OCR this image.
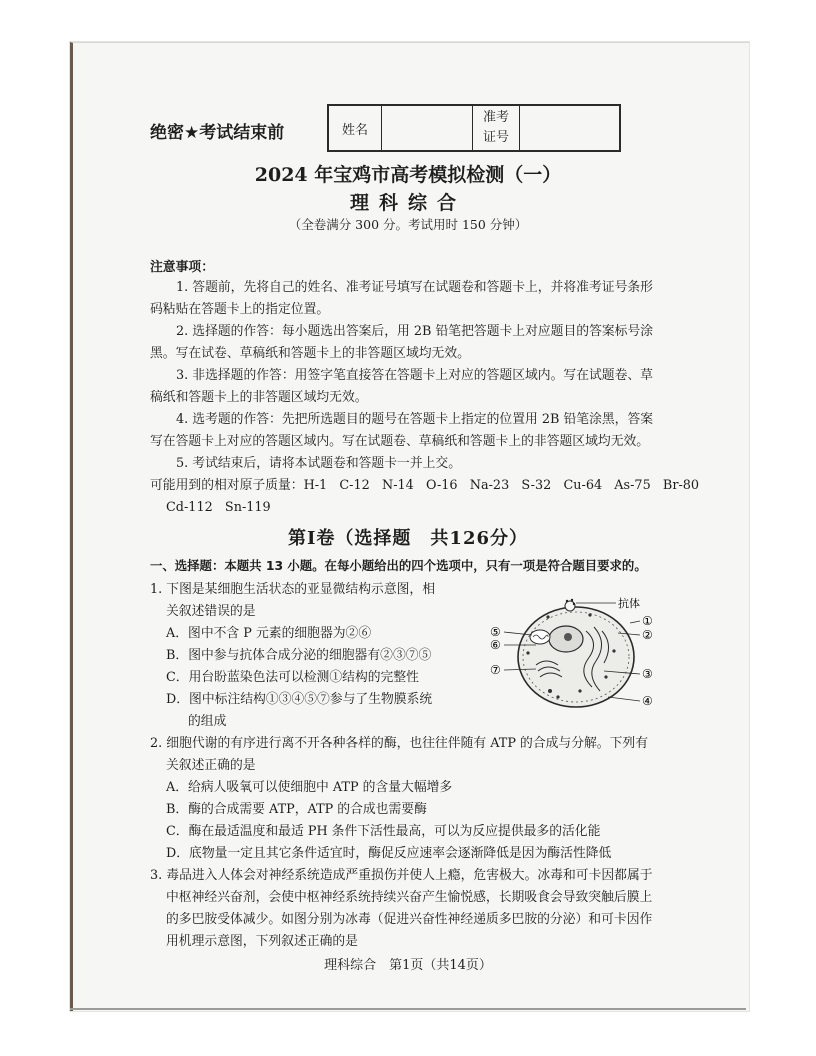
绝密★考试结束前	姓名
准考
证号
2024 年宝鸡市高考模拟检测（一）
理科综合
（全卷满分 300 分。考试用时 150 分钟）
注意事项：
1. 答题前，先将自己的姓名、准考证号填写在试题卷和答题卡上，并将准考证号条形
码粘贴在答题卡上的指定位置。
2. 选择题的作答：每小题选出答案后，用 2B 铅笔把答题卡上对应题目的答案标号涂
黑。写在试卷、草稿纸和答题卡上的非答题区域均无效。
3. 非选择题的作答：用签字笔直接答在答题卡上对应的答题区域内。写在试题卷、草
稿纸和答题卡上的非答题区域均无效。
4. 选考题的作答：先把所选题目的题号在答题卡上指定的位置用 2B 铅笔涂黑，答案
写在答题卡上对应的答题区域内。写在试题卷、草稿纸和答题卡上的非答题区域均无效。
5. 考试结束后，请将本试题卷和答题卡一并上交。
可能用到的相对原子质量：H-1   C-12   N-14   O-16   Na-23   S-32   Cu-64   As-75   Br-80
Cd-112   Sn-119
第Ⅰ卷（选择题　共126分）
一、选择题：本题共 13 小题。在每小题给出的四个选项中，只有一项是符合题目要求的。
1. 下图是某细胞生活状态的亚显微结构示意图，相
关叙述错误的是
A．图中不含 P 元素的细胞器为②⑥
B．图中参与抗体合成分泌的细胞器有②③⑦⑤
C．用台盼蓝染色法可以检测①结构的完整性
D．图中标注结构①③④⑤⑦参与了生物膜系统
的组成
抗体
①
②
③
④
⑤
⑥
⑦
2. 细胞代谢的有序进行离不开各种各样的酶，也往往伴随有 ATP 的合成与分解。下列有
关叙述正确的是
A．给病人吸氧可以使细胞中 ATP 的含量大幅增多
B．酶的合成需要 ATP，ATP 的合成也需要酶
C．酶在最适温度和最适 PH 条件下活性最高，可以为反应提供最多的活化能
D．底物量一定且其它条件适宜时，酶促反应速率会逐渐降低是因为酶活性降低
3. 毒品进入人体会对神经系统造成严重损伤并使人上瘾，危害极大。冰毒和可卡因都属于
中枢神经兴奋剂，会使中枢神经系统持续兴奋产生愉悦感，长期吸食会导致突触后膜上
的多巴胺受体减少。如图分别为冰毒（促进兴奋性神经递质多巴胺的分泌）和可卡因作
用机理示意图，下列叙述正确的是
理科综合　第1页（共14页）
